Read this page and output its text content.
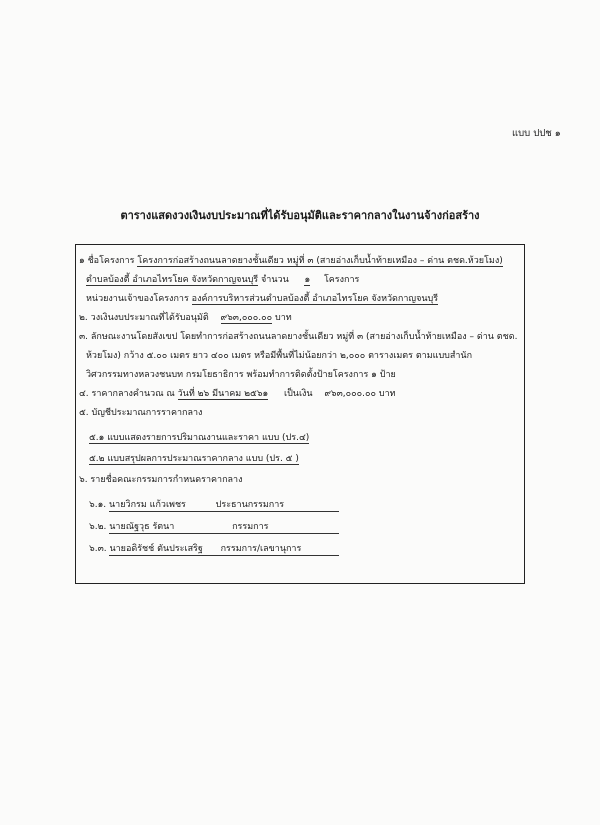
แบบ ปปช ๑
ตารางแสดงวงเงินงบประมาณที่ได้รับอนุมัติและราคากลางในงานจ้างก่อสร้าง
๑ ชื่อโครงการ โครงการก่อสร้างถนนลาดยางชั้นเดียว หมู่ที่ ๓ (สายอ่างเก็บน้ำท้ายเหมือง – ด่าน ตชด.ห้วยโมง)
ตำบลบ้องตี้ อำเภอไทรโยค จังหวัดกาญจนบุรี จำนวน ๑ โครงการ
หน่วยงานเจ้าของโครงการ องค์การบริหารส่วนตำบลบ้องตี้ อำเภอไทรโยค จังหวัดกาญจนบุรี
๒. วงเงินงบประมาณที่ได้รับอนุมัติ ๙๖๓,๐๐๐.๐๐ บาท
๓. ลักษณะงานโดยสังเขป โดยทำการก่อสร้างถนนลาดยางชั้นเดียว หมู่ที่ ๓ (สายอ่างเก็บน้ำท้ายเหมือง – ด่าน ตชด.
ห้วยโมง) กว้าง ๕.๐๐ เมตร ยาว ๔๐๐ เมตร หรือมีพื้นที่ไม่น้อยกว่า ๒,๐๐๐ ตารางเมตร ตามแบบสำนัก
วิศวกรรมทางหลวงชนบท กรมโยธาธิการ พร้อมทำการติดตั้งป้ายโครงการ ๑ ป้าย
๔. ราคากลางคำนวณ ณ วันที่ ๒๖ มีนาคม ๒๕๖๑ เป็นเงิน ๙๖๓,๐๐๐.๐๐ บาท
๕. บัญชีประมาณการราคากลาง
๕.๑ แบบแสดงรายการปริมาณงานและราคา แบบ (ปร.๔)
๕.๒ แบบสรุปผลการประมาณราคากลาง แบบ (ปร. ๕ )
๖. รายชื่อคณะกรรมการกำหนดราคากลาง
๖.๑. นายวิกรม แก้วเพชร	ประธานกรรมการ
๖.๒. นายณัฐวุธ รัตนา	กรรมการ
๖.๓. นายอดิรัชช์ ตันประเสริฐ กรรมการ/เลขานุการ
